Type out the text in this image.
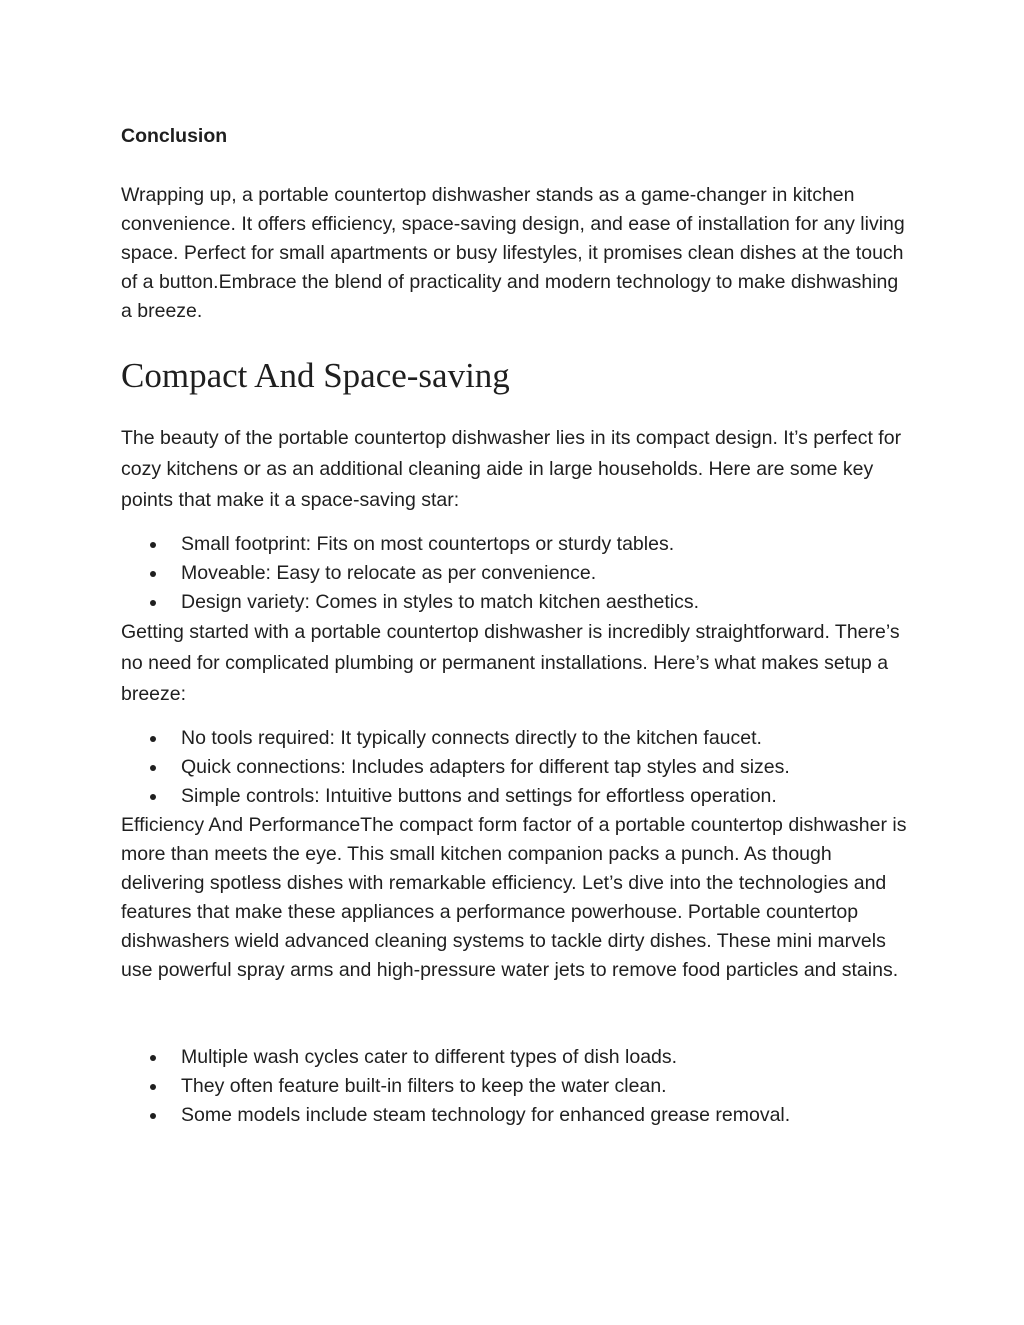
Conclusion

Wrapping up, a portable countertop dishwasher stands as a game-changer in kitchen convenience. It offers efficiency, space-saving design, and ease of installation for any living space. Perfect for small apartments or busy lifestyles, it promises clean dishes at the touch of a button.Embrace the blend of practicality and modern technology to make dishwashing a breeze.

Compact And Space-saving

The beauty of the portable countertop dishwasher lies in its compact design. It’s perfect for cozy kitchens or as an additional cleaning aide in large households. Here are some key points that make it a space-saving star:

Small footprint: Fits on most countertops or sturdy tables.
Moveable: Easy to relocate as per convenience.
Design variety: Comes in styles to match kitchen aesthetics.

Getting started with a portable countertop dishwasher is incredibly straightforward. There’s no need for complicated plumbing or permanent installations. Here’s what makes setup a breeze:

No tools required: It typically connects directly to the kitchen faucet.
Quick connections: Includes adapters for different tap styles and sizes.
Simple controls: Intuitive buttons and settings for effortless operation.

Efficiency And PerformanceThe compact form factor of a portable countertop dishwasher is more than meets the eye. This small kitchen companion packs a punch. As though delivering spotless dishes with remarkable efficiency. Let’s dive into the technologies and features that make these appliances a performance powerhouse. Portable countertop dishwashers wield advanced cleaning systems to tackle dirty dishes. These mini marvels use powerful spray arms and high-pressure water jets to remove food particles and stains.

Multiple wash cycles cater to different types of dish loads.
They often feature built-in filters to keep the water clean.
Some models include steam technology for enhanced grease removal.
